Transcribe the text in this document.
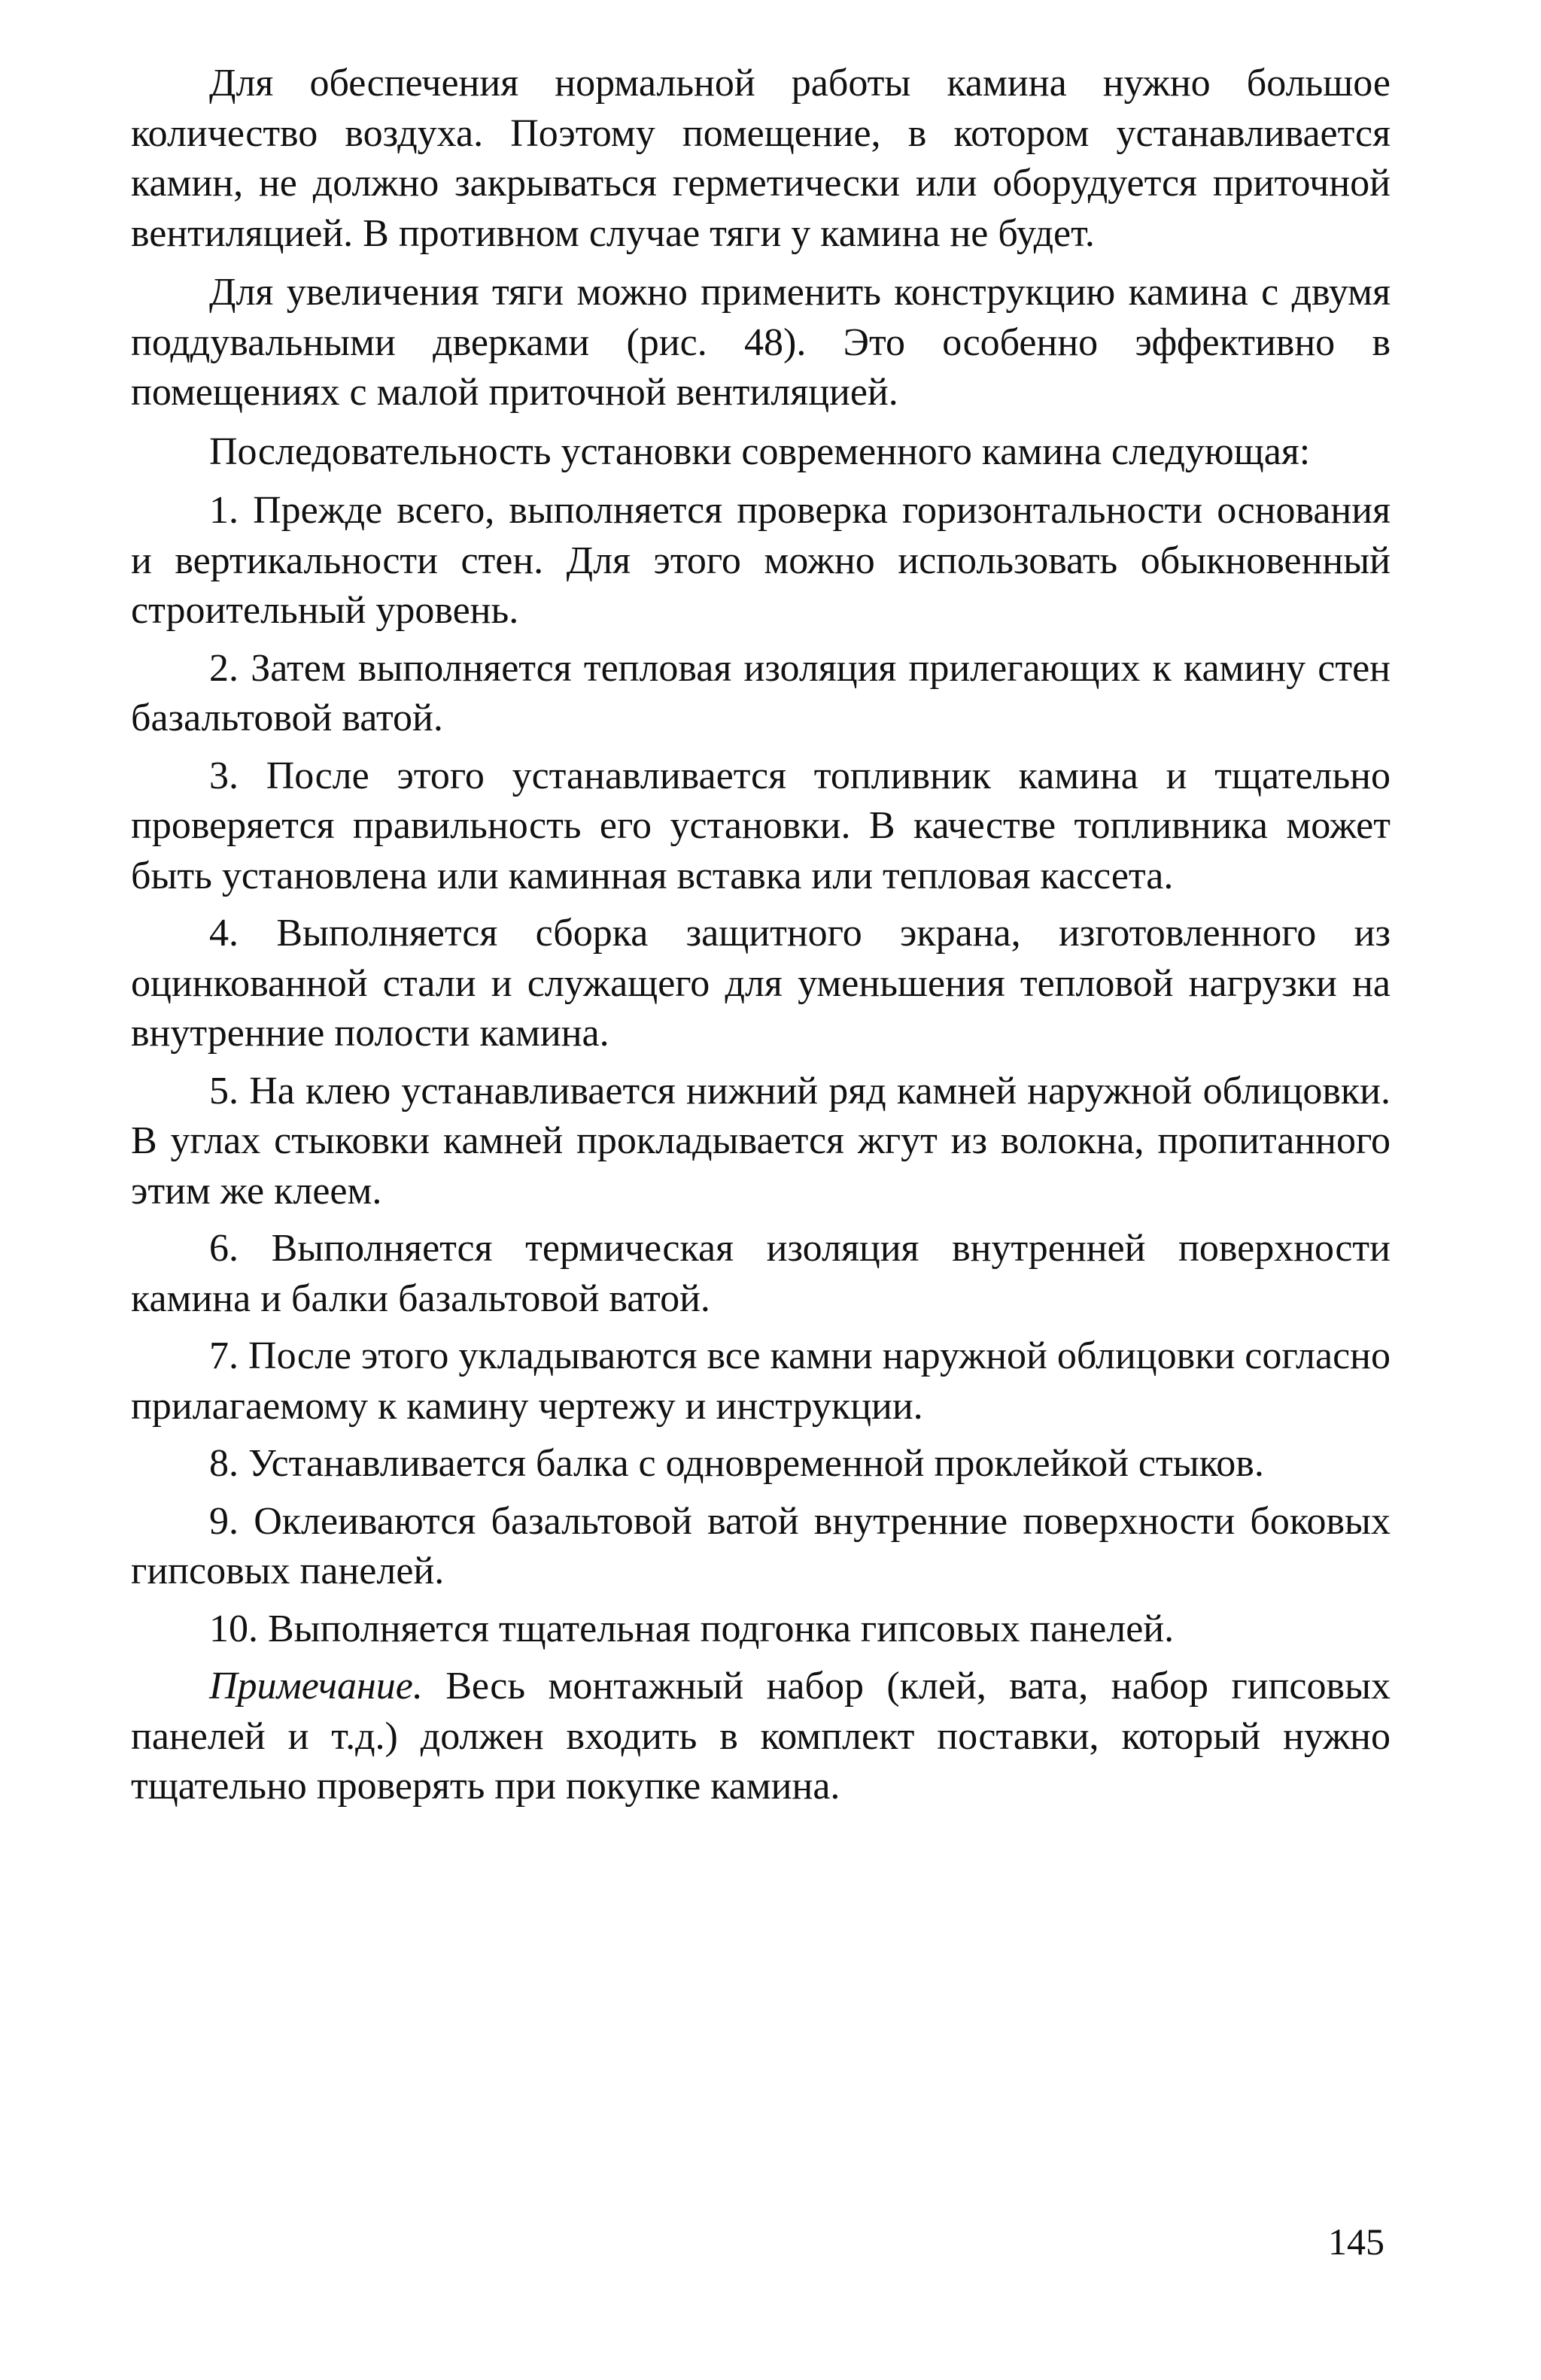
Для обеспечения нормальной работы камина нужно большое количество воздуха. Поэтому помещение, в котором устанавливается камин, не должно закрываться герметически или оборудуется приточной вентиляцией. В противном случае тяги у камина не будет.

Для увеличения тяги можно применить конструкцию камина с двумя поддувальными дверками (рис. 48). Это особенно эффективно в помещениях с малой приточной вентиляцией.

Последовательность установки современного камина следующая:

1. Прежде всего, выполняется проверка горизонтальности основания и вертикальности стен. Для этого можно использовать обыкновенный строительный уровень.

2. Затем выполняется тепловая изоляция прилегающих к камину стен базальтовой ватой.

3. После этого устанавливается топливник камина и тщательно проверяется правильность его установки. В качестве топливника может быть установлена или каминная вставка или тепловая кассета.

4. Выполняется сборка защитного экрана, изготовленного из оцинкованной стали и служащего для уменьшения тепловой нагрузки на внутренние полости камина.

5. На клею устанавливается нижний ряд камней наружной облицовки. В углах стыковки камней прокладывается жгут из волокна, пропитанного этим же клеем.

6. Выполняется термическая изоляция внутренней поверхности камина и балки базальтовой ватой.

7. После этого укладываются все камни наружной облицовки согласно прилагаемому к камину чертежу и инструкции.

8. Устанавливается балка с одновременной проклейкой стыков.

9. Оклеиваются базальтовой ватой внутренние поверхности боковых гипсовых панелей.

10. Выполняется тщательная подгонка гипсовых панелей.

Примечание. Весь монтажный набор (клей, вата, набор гипсовых панелей и т.д.) должен входить в комплект поставки, который нужно тщательно проверять при покупке камина.

145
